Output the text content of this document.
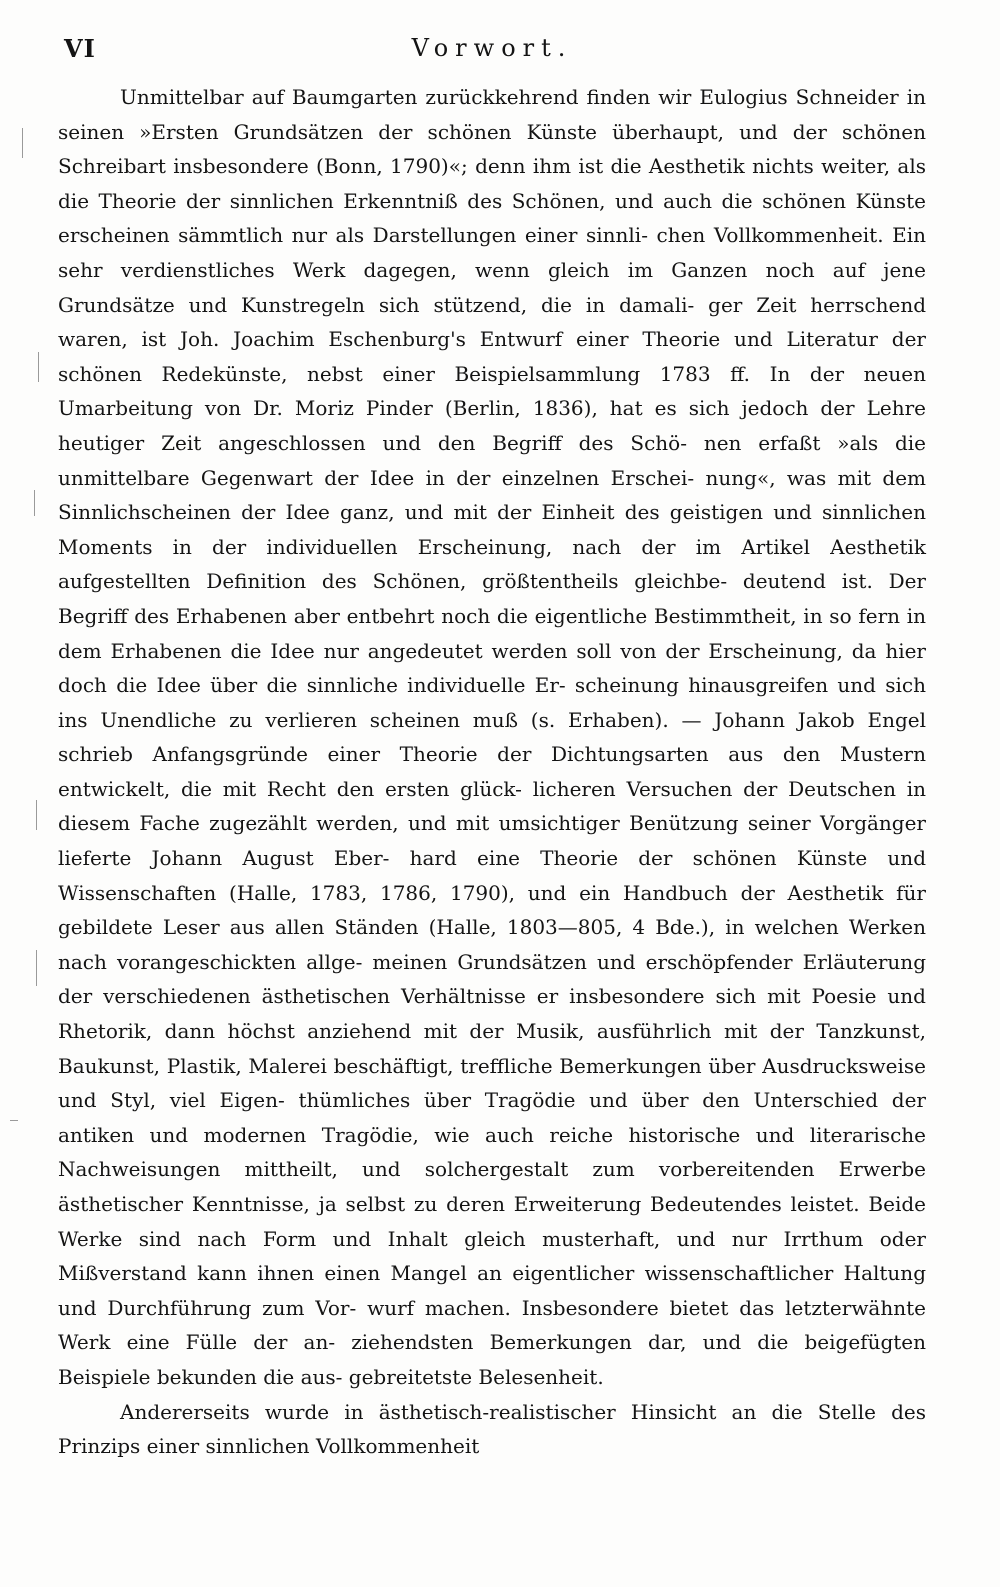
VI	Vorwort.

Unmittelbar auf Baumgarten zurückkehrend finden wir Eulogius Schneider in seinen »Ersten Grundsätzen der schönen Künste überhaupt, und der schönen Schreibart insbesondere (Bonn, 1790)«; denn ihm ist die Aesthetik nichts weiter, als die Theorie der sinnlichen Erkenntniß des Schönen, und auch die schönen Künste erscheinen sämmtlich nur als Darstellungen einer sinnli- chen Vollkommenheit. Ein sehr verdienstliches Werk dagegen, wenn gleich im Ganzen noch auf jene Grundsätze und Kunstregeln sich stützend, die in damali- ger Zeit herrschend waren, ist Joh. Joachim Eschenburg's Entwurf einer Theorie und Literatur der schönen Redekünste, nebst einer Beispielsammlung 1783 ff. In der neuen Umarbeitung von Dr. Moriz Pinder (Berlin, 1836), hat es sich jedoch der Lehre heutiger Zeit angeschlossen und den Begriff des Schö- nen erfaßt »als die unmittelbare Gegenwart der Idee in der einzelnen Erschei- nung«, was mit dem Sinnlichscheinen der Idee ganz, und mit der Einheit des geistigen und sinnlichen Moments in der individuellen Erscheinung, nach der im Artikel Aesthetik aufgestellten Definition des Schönen, größtentheils gleichbe- deutend ist. Der Begriff des Erhabenen aber entbehrt noch die eigentliche Bestimmtheit, in so fern in dem Erhabenen die Idee nur angedeutet werden soll von der Erscheinung, da hier doch die Idee über die sinnliche individuelle Er- scheinung hinausgreifen und sich ins Unendliche zu verlieren scheinen muß (s. Erhaben). — Johann Jakob Engel schrieb Anfangsgründe einer Theorie der Dichtungsarten aus den Mustern entwickelt, die mit Recht den ersten glück- licheren Versuchen der Deutschen in diesem Fache zugezählt werden, und mit umsichtiger Benützung seiner Vorgänger lieferte Johann August Eber- hard eine Theorie der schönen Künste und Wissenschaften (Halle, 1783, 1786, 1790), und ein Handbuch der Aesthetik für gebildete Leser aus allen Ständen (Halle, 1803—805, 4 Bde.), in welchen Werken nach vorangeschickten allge- meinen Grundsätzen und erschöpfender Erläuterung der verschiedenen ästhetischen Verhältnisse er insbesondere sich mit Poesie und Rhetorik, dann höchst anziehend mit der Musik, ausführlich mit der Tanzkunst, Baukunst, Plastik, Malerei beschäftigt, treffliche Bemerkungen über Ausdrucksweise und Styl, viel Eigen- thümliches über Tragödie und über den Unterschied der antiken und modernen Tragödie, wie auch reiche historische und literarische Nachweisungen mittheilt, und solchergestalt zum vorbereitenden Erwerbe ästhetischer Kenntnisse, ja selbst zu deren Erweiterung Bedeutendes leistet. Beide Werke sind nach Form und Inhalt gleich musterhaft, und nur Irrthum oder Mißverstand kann ihnen einen Mangel an eigentlicher wissenschaftlicher Haltung und Durchführung zum Vor- wurf machen. Insbesondere bietet das letzterwähnte Werk eine Fülle der an- ziehendsten Bemerkungen dar, und die beigefügten Beispiele bekunden die aus- gebreitetste Belesenheit.

Andererseits wurde in ästhetisch-realistischer Hinsicht an die Stelle des Prinzips einer sinnlichen Vollkommenheit
